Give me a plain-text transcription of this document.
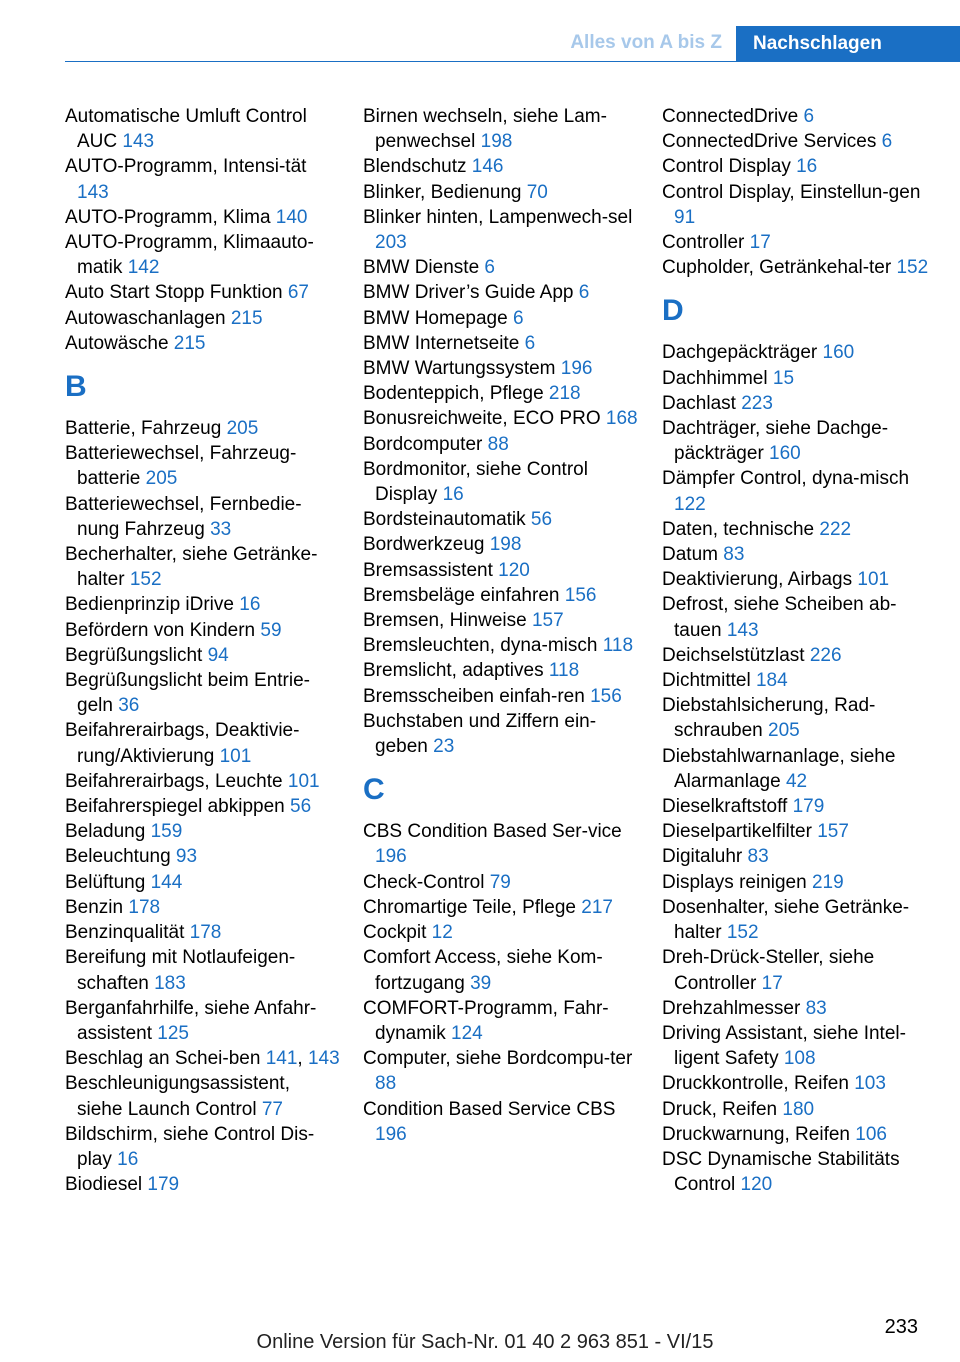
Alles von A bis Z	Nachschlagen
Automatische Umluft Control AUC 143
AUTO-Programm, Intensi‐tät 143
AUTO-Programm, Klima 140
AUTO-Programm, Klimaauto‐matik 142
Auto Start Stopp Funktion 67
Autowaschanlagen 215
Autowäsche 215
B
Batterie, Fahrzeug 205
Batteriewechsel, Fahrzeug‐batterie 205
Batteriewechsel, Fernbedie‐nung Fahrzeug 33
Becherhalter, siehe Getränke‐halter 152
Bedienprinzip iDrive 16
Befördern von Kindern 59
Begrüßungslicht 94
Begrüßungslicht beim Entrie‐geln 36
Beifahrerairbags, Deaktivie‐rung/Aktivierung 101
Beifahrerairbags, Leuchte 101
Beifahrerspiegel abkippen 56
Beladung 159
Beleuchtung 93
Belüftung 144
Benzin 178
Benzinqualität 178
Bereifung mit Notlaufeigen‐schaften 183
Berganfahrhilfe, siehe Anfahr‐assistent 125
Beschlag an Schei‐ben 141, 143
Beschleunigungsassistent, siehe Launch Control 77
Bildschirm, siehe Control Dis‐play 16
Biodiesel 179
Birnen wechseln, siehe Lam‐penwechsel 198
Blendschutz 146
Blinker, Bedienung 70
Blinker hinten, Lampenwech‐sel 203
BMW Dienste 6
BMW Driver’s Guide App 6
BMW Homepage 6
BMW Internetseite 6
BMW Wartungssystem 196
Bodenteppich, Pflege 218
Bonusreichweite, ECO PRO 168
Bordcomputer 88
Bordmonitor, siehe Control Display 16
Bordsteinautomatik 56
Bordwerkzeug 198
Bremsassistent 120
Bremsbeläge einfahren 156
Bremsen, Hinweise 157
Bremsleuchten, dyna‐misch 118
Bremslicht, adaptives 118
Bremsscheiben einfah‐ren 156
Buchstaben und Ziffern ein‐geben 23
C
CBS Condition Based Ser‐vice 196
Check-Control 79
Chromartige Teile, Pflege 217
Cockpit 12
Comfort Access, siehe Kom‐fortzugang 39
COMFORT-Programm, Fahr‐dynamik 124
Computer, siehe Bordcompu‐ter 88
Condition Based Service CBS 196
ConnectedDrive 6
ConnectedDrive Services 6
Control Display 16
Control Display, Einstellun‐gen 91
Controller 17
Cupholder, Getränkehal‐ter 152
D
Dachgepäckträger 160
Dachhimmel 15
Dachlast 223
Dachträger, siehe Dachge‐päckträger 160
Dämpfer Control, dyna‐misch 122
Daten, technische 222
Datum 83
Deaktivierung, Airbags 101
Defrost, siehe Scheiben ab‐tauen 143
Deichselstützlast 226
Dichtmittel 184
Diebstahlsicherung, Rad‐schrauben 205
Diebstahlwarnanlage, siehe Alarmanlage 42
Dieselkraftstoff 179
Dieselpartikelfilter 157
Digitaluhr 83
Displays reinigen 219
Dosenhalter, siehe Getränke‐halter 152
Dreh-Drück-Steller, siehe Controller 17
Drehzahlmesser 83
Driving Assistant, siehe Intel‐ligent Safety 108
Druckkontrolle, Reifen 103
Druck, Reifen 180
Druckwarnung, Reifen 106
DSC Dynamische Stabilitäts Control 120
233
Online Version für Sach-Nr. 01 40 2 963 851 - VI/15
